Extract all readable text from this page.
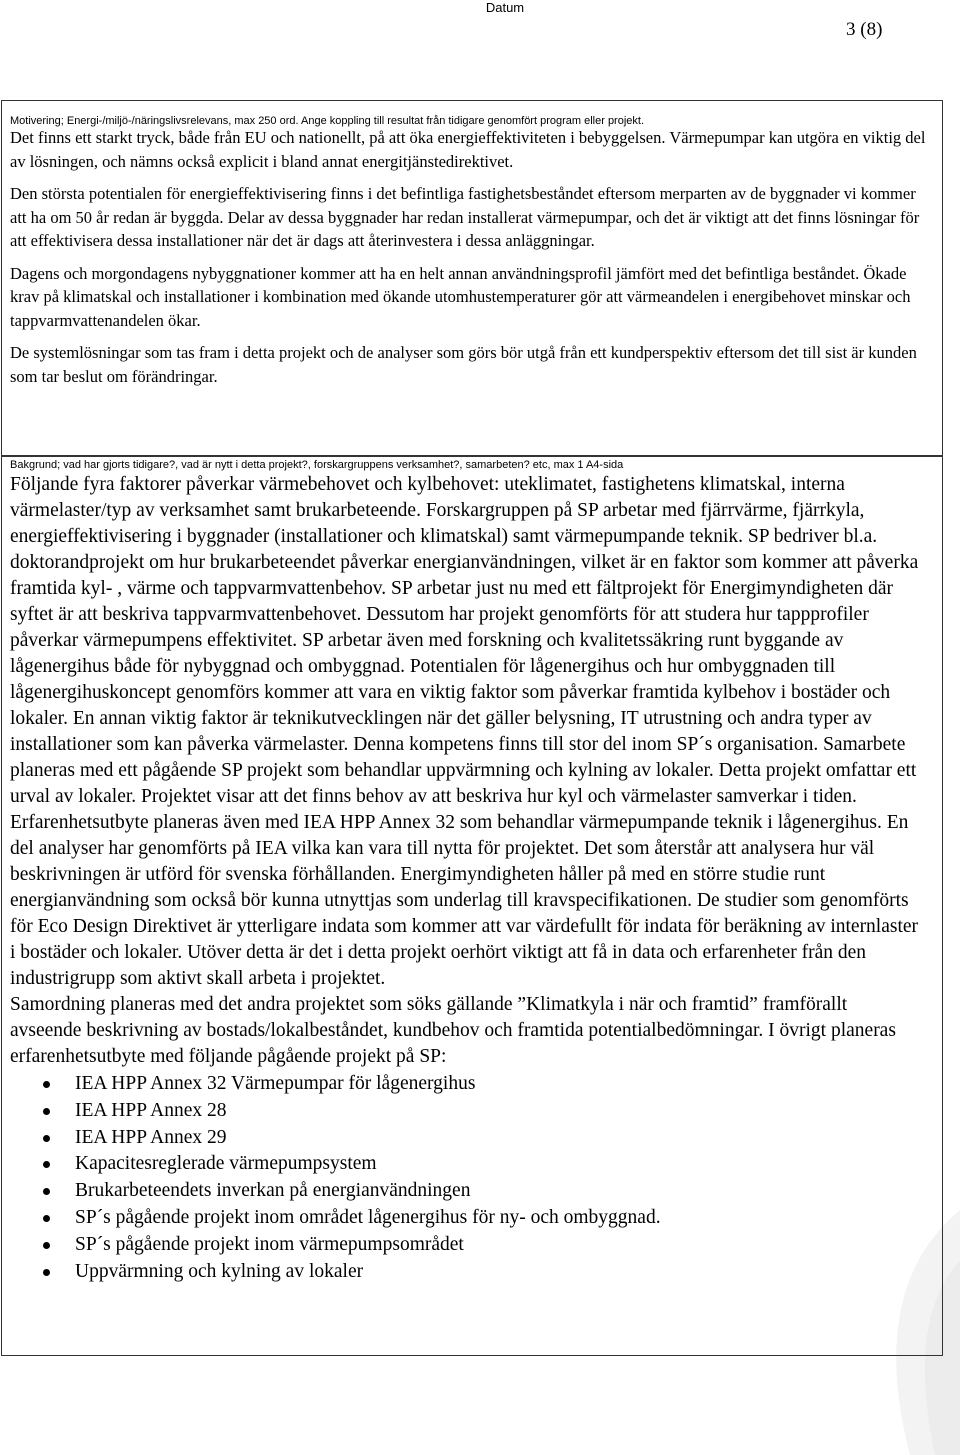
Datum
3 (8)
Motivering; Energi-/miljö-/näringslivsrelevans, max 250 ord. Ange koppling till resultat från tidigare genomfört program eller projekt.

Det finns ett starkt tryck, både från EU och nationellt, på att öka energieffektiviteten i bebyggelsen. Värmepumpar kan utgöra en viktig del av lösningen, och nämns också explicit i bland annat energitjänstedirektivet.

Den största potentialen för energieffektivisering finns i det befintliga fastighetsbeståndet eftersom merparten av de byggnader vi kommer att ha om 50 år redan är byggda. Delar av dessa byggnader har redan installerat värmepumpar, och det är viktigt att det finns lösningar för att effektivisera dessa installationer när det är dags att återinvestera i dessa anläggningar.

Dagens och morgondagens nybyggnationer kommer att ha en helt annan användningsprofil jämfört med det befintliga beståndet. Ökade krav på klimatskal och installationer i kombination med ökande utomhustemperaturer gör att värmeandelen i energibehovet minskar och tappvarmvattenandelen ökar.

De systemlösningar som tas fram i detta projekt och de analyser som görs bör utgå från ett kundperspektiv eftersom det till sist är kunden som tar beslut om förändringar.

Bakgrund; vad har gjorts tidigare?, vad är nytt i detta projekt?, forskargruppens verksamhet?, samarbeten? etc, max 1 A4-sida

Följande fyra faktorer påverkar värmebehovet och kylbehovet: uteklimatet, fastighetens klimatskal, interna värmelaster/typ av verksamhet samt brukarbeteende. Forskargruppen på SP arbetar med fjärrvärme, fjärrkyla, energieffektivisering i byggnader (installationer och klimatskal) samt värmepumpande teknik. SP bedriver bl.a. doktorandprojekt om hur brukarbeteendet påverkar energianvändningen, vilket är en faktor som kommer att påverka framtida kyl- , värme och tappvarmvattenbehov. SP arbetar just nu med ett fältprojekt för Energimyndigheten där syftet är att beskriva tappvarmvattenbehovet. Dessutom har projekt genomförts för att studera hur tappprofiler påverkar värmepumpens effektivitet. SP arbetar även med forskning och kvalitetssäkring runt byggande av lågenergihus både för nybyggnad och ombyggnad. Potentialen för lågenergihus och hur ombyggnaden till lågenergihuskoncept genomförs kommer att vara en viktig faktor som påverkar framtida kylbehov i bostäder och lokaler. En annan viktig faktor är teknikutvecklingen när det gäller belysning, IT utrustning och andra typer av installationer som kan påverka värmelaster. Denna kompetens finns till stor del inom SP´s organisation. Samarbete planeras med ett pågående SP projekt som behandlar uppvärmning och kylning av lokaler. Detta projekt omfattar ett urval av lokaler. Projektet visar att det finns behov av att beskriva hur kyl och värmelaster samverkar i tiden. Erfarenhetsutbyte planeras även med IEA HPP Annex 32 som behandlar värmepumpande teknik i lågenergihus. En del analyser har genomförts på IEA vilka kan vara till nytta för projektet. Det som återstår att analysera hur väl beskrivningen är utförd för svenska förhållanden. Energimyndigheten håller på med en större studie runt energianvändning som också bör kunna utnyttjas som underlag till kravspecifikationen. De studier som genomförts för Eco Design Direktivet är ytterligare indata som kommer att var värdefullt för indata för beräkning av internlaster i bostäder och lokaler. Utöver detta är det i detta projekt oerhört viktigt att få in data och erfarenheter från den industrigrupp som aktivt skall arbeta i projektet.

Samordning planeras med det andra projektet som söks gällande ”Klimatkyla i när och framtid” framförallt avseende beskrivning av bostads/lokalbeståndet, kundbehov och framtida potentialbedömningar. I övrigt planeras erfarenhetsutbyte med följande pågående projekt på SP:

IEA HPP Annex 32 Värmepumpar för lågenergihus
IEA HPP Annex 28
IEA HPP Annex 29
Kapacitesreglerade värmepumpsystem
Brukarbeteendets inverkan på energianvändningen
SP´s pågående projekt inom området lågenergihus för ny- och ombyggnad.
SP´s pågående projekt inom värmepumpsområdet
Uppvärmning och kylning av lokaler
